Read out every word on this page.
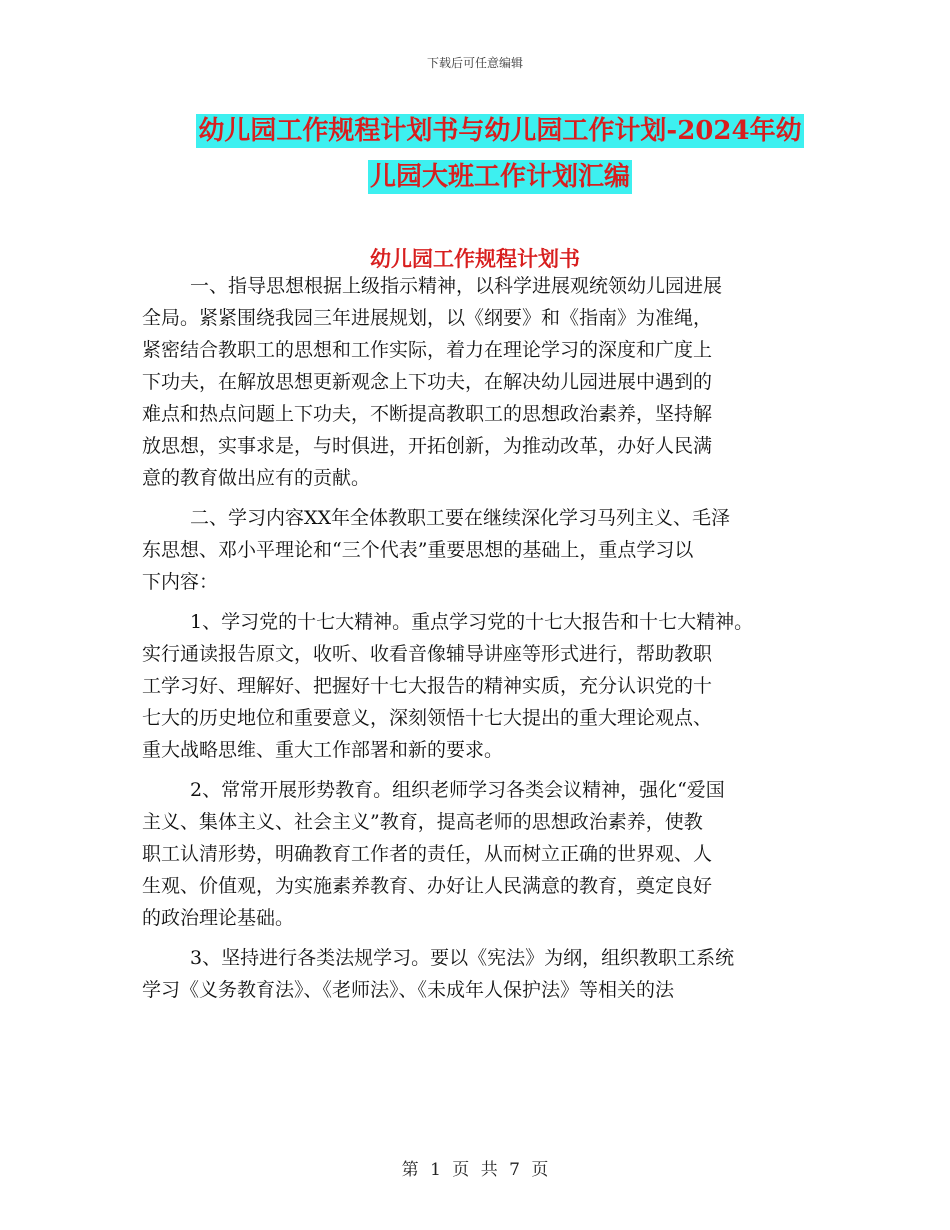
下载后可任意编辑
幼儿园工作规程计划书与幼儿园工作计划-2024年幼
儿园大班工作计划汇编
幼儿园工作规程计划书
一、指导思想根据上级指示精神，以科学进展观统领幼儿园进展
全局。紧紧围绕我园三年进展规划，以《纲要》和《指南》为准绳，
紧密结合教职工的思想和工作实际，着力在理论学习的深度和广度上
下功夫，在解放思想更新观念上下功夫，在解决幼儿园进展中遇到的
难点和热点问题上下功夫，不断提高教职工的思想政治素养，坚持解
放思想，实事求是，与时俱进，开拓创新，为推动改革，办好人民满
意的教育做出应有的贡献。
二、学习内容XX年全体教职工要在继续深化学习马列主义、毛泽
东思想、邓小平理论和“三个代表”重要思想的基础上，重点学习以
下内容：
1、学习党的十七大精神。重点学习党的十七大报告和十七大精神。
实行通读报告原文，收听、收看音像辅导讲座等形式进行，帮助教职
工学习好、理解好、把握好十七大报告的精神实质，充分认识党的十
七大的历史地位和重要意义，深刻领悟十七大提出的重大理论观点、
重大战略思维、重大工作部署和新的要求。
2、常常开展形势教育。组织老师学习各类会议精神，强化“爱国
主义、集体主义、社会主义”教育，提高老师的思想政治素养，使教
职工认清形势，明确教育工作者的责任，从而树立正确的世界观、人
生观、价值观，为实施素养教育、办好让人民满意的教育，奠定良好
的政治理论基础。
3、坚持进行各类法规学习。要以《宪法》为纲，组织教职工系统
学习《义务教育法》、《老师法》、《未成年人保护法》等相关的法
第 1 页 共 7 页
